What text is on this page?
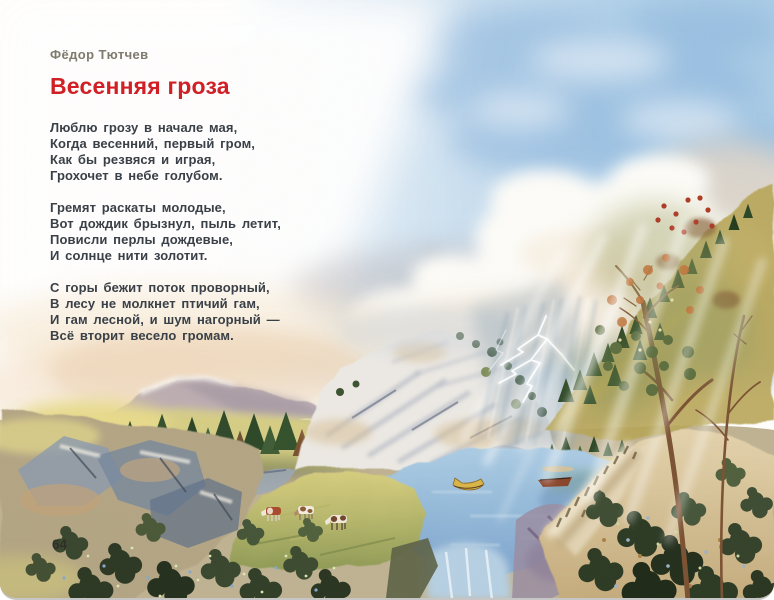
Фёдор Тютчев

Весенняя гроза
Люблю грозу в начале мая,
Когда весенний, первый гром,
Как бы резвяся и играя,
Грохочет в небе голубом.
Гремят раскаты молодые,
Вот дождик брызнул, пыль летит,
Повисли перлы дождевые,
И солнце нити золотит.
С горы бежит поток проворный,
В лесу не молкнет птичий гам,
И гам лесной, и шум нагорный —
Всё вторит весело громам.
64
